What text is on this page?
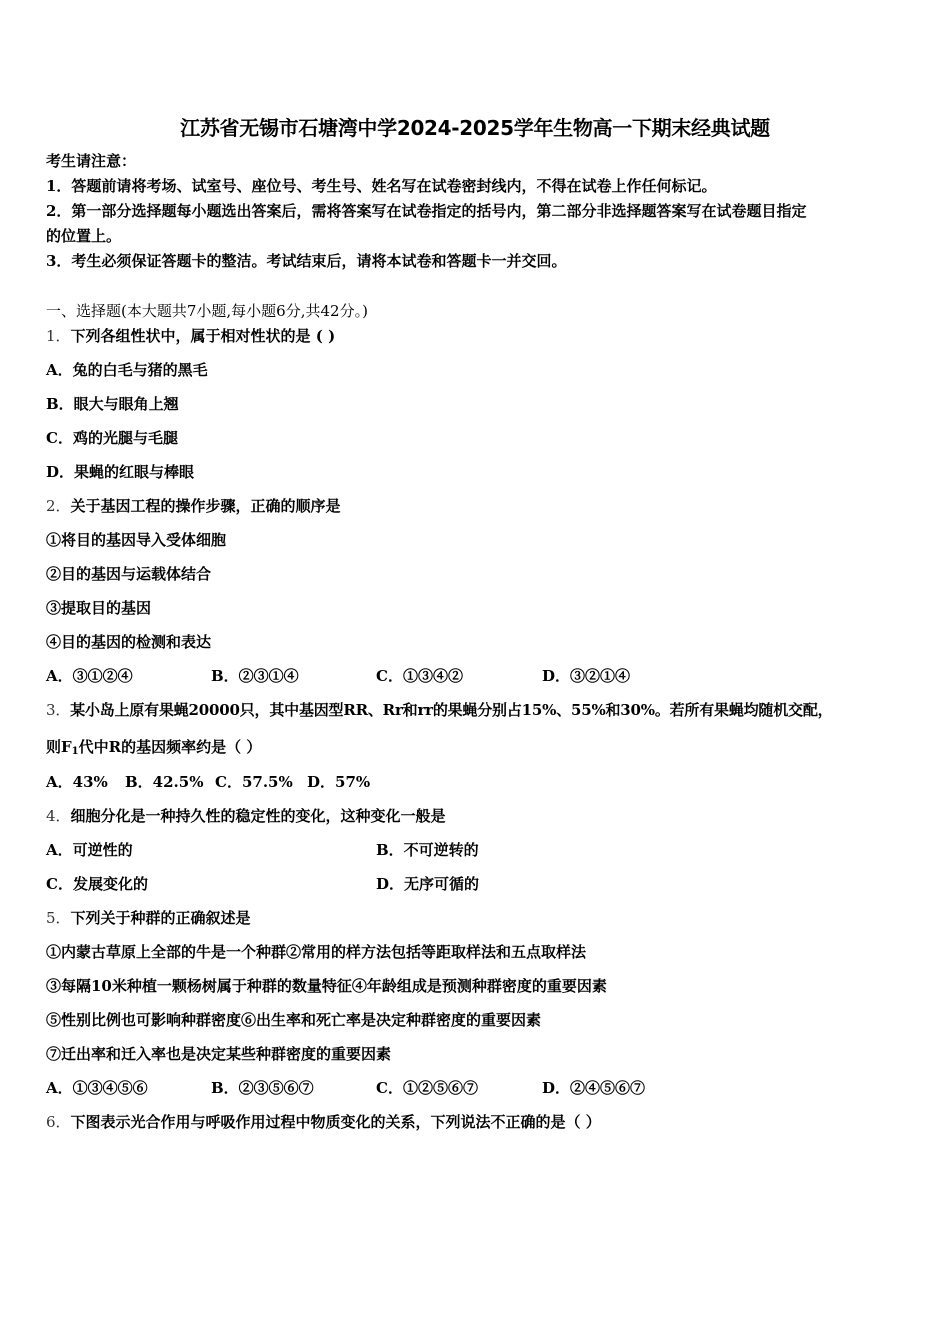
江苏省无锡市石塘湾中学2024-2025学年生物高一下期末经典试题
考生请注意：
1．答题前请将考场、试室号、座位号、考生号、姓名写在试卷密封线内，不得在试卷上作任何标记。
2．第一部分选择题每小题选出答案后，需将答案写在试卷指定的括号内，第二部分非选择题答案写在试卷题目指定
的位置上。
3．考生必须保证答题卡的整洁。考试结束后，请将本试卷和答题卡一并交回。
一、选择题(本大题共7小题,每小题6分,共42分。)
1．下列各组性状中，属于相对性状的是 ( )
A．兔的白毛与猪的黑毛
B．眼大与眼角上翘
C．鸡的光腿与毛腿
D．果蝇的红眼与棒眼
2．关于基因工程的操作步骤，正确的顺序是
①将目的基因导入受体细胞
②目的基因与运载体结合
③提取目的基因
④目的基因的检测和表达
A．③①②④	B．②③①④	C．①③④②	D．③②①④
3．某小岛上原有果蝇20000只，其中基因型RR、Rr和rr的果蝇分别占15%、55%和30%。若所有果蝇均随机交配，
则$F_1$代中R的基因频率约是（ ）
A．43% B．42.5% C．57.5% D．57%
4．细胞分化是一种持久性的稳定性的变化，这种变化一般是
A．可逆性的	B．不可逆转的
C．发展变化的	D．无序可循的
5．下列关于种群的正确叙述是
①内蒙古草原上全部的牛是一个种群②常用的样方法包括等距取样法和五点取样法
③每隔10米种植一颗杨树属于种群的数量特征④年龄组成是预测种群密度的重要因素
⑤性别比例也可影响种群密度⑥出生率和死亡率是决定种群密度的重要因素
⑦迁出率和迁入率也是决定某些种群密度的重要因素
A．①③④⑤⑥	B．②③⑤⑥⑦	C．①②⑤⑥⑦	D．②④⑤⑥⑦
6．下图表示光合作用与呼吸作用过程中物质变化的关系，下列说法不正确的是（ ）
